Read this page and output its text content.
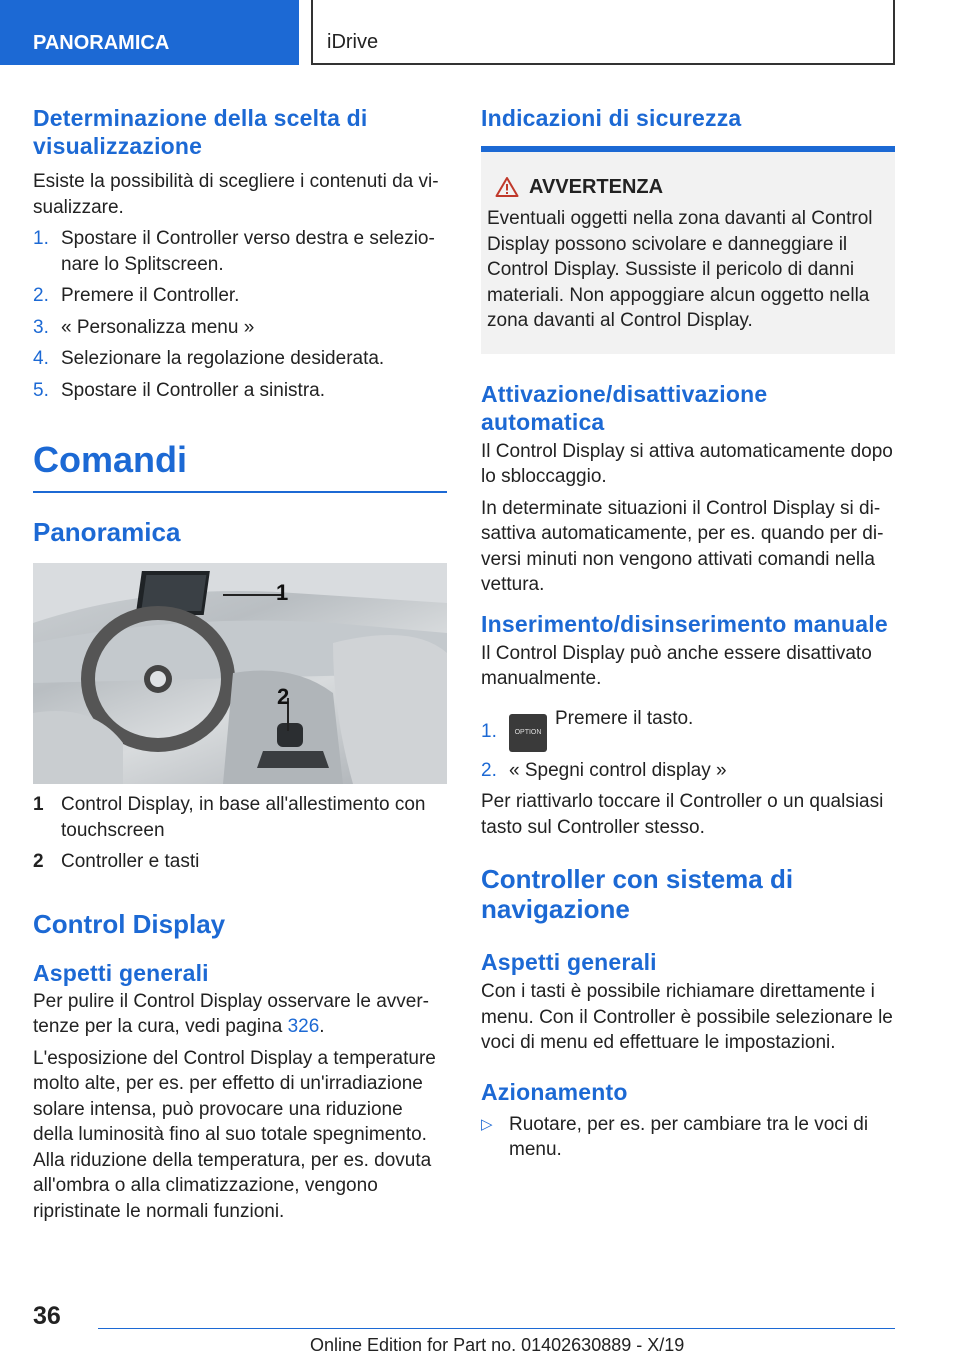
PANORAMICA	iDrive
Determinazione della scelta di visualizzazione

Esiste la possibilità di scegliere i contenuti da visualizzare.

1. Spostare il Controller verso destra e selezionare lo Splitscreen.
2. Premere il Controller.
3. « Personalizza menu »
4. Selezionare la regolazione desiderata.
5. Spostare il Controller a sinistra.
Comandi
Panoramica
1
2
1 Control Display, in base all'allestimento con touchscreen
2 Controller e tasti
Control Display
Aspetti generali

Per pulire il Control Display osservare le avvertenze per la cura, vedi pagina 326.

L'esposizione del Control Display a temperature molto alte, per es. per effetto di un'irradiazione solare intensa, può provocare una riduzione della luminosità fino al suo totale spegnimento. Alla riduzione della temperatura, per es. dovuta all'ombra o alla climatizzazione, vengono ripristinate le normali funzioni.

Indicazioni di sicurezza
AVVERTENZA

Eventuali oggetti nella zona davanti al Control Display possono scivolare e danneggiare il Control Display. Sussiste il pericolo di danni materiali. Non appoggiare alcun oggetto nella zona davanti al Control Display.

Attivazione/disattivazione automatica

Il Control Display si attiva automaticamente dopo lo sbloccaggio.

In determinate situazioni il Control Display si disattiva automaticamente, per es. quando per diversi minuti non vengono attivati comandi nella vettura.

Inserimento/disinserimento manuale

Il Control Display può anche essere disattivato manualmente.

1.	OPTIONPremere il tasto.
2. « Spegni control display »

Per riattivarlo toccare il Controller o un qualsiasi tasto sul Controller stesso.

Controller con sistema di navigazione
Aspetti generali

Con i tasti è possibile richiamare direttamente i menu. Con il Controller è possibile selezionare le voci di menu ed effettuare le impostazioni.

Azionamento
▷ Ruotare, per es. per cambiare tra le voci di menu.
36
Online Edition for Part no. 01402630889 - X/19
